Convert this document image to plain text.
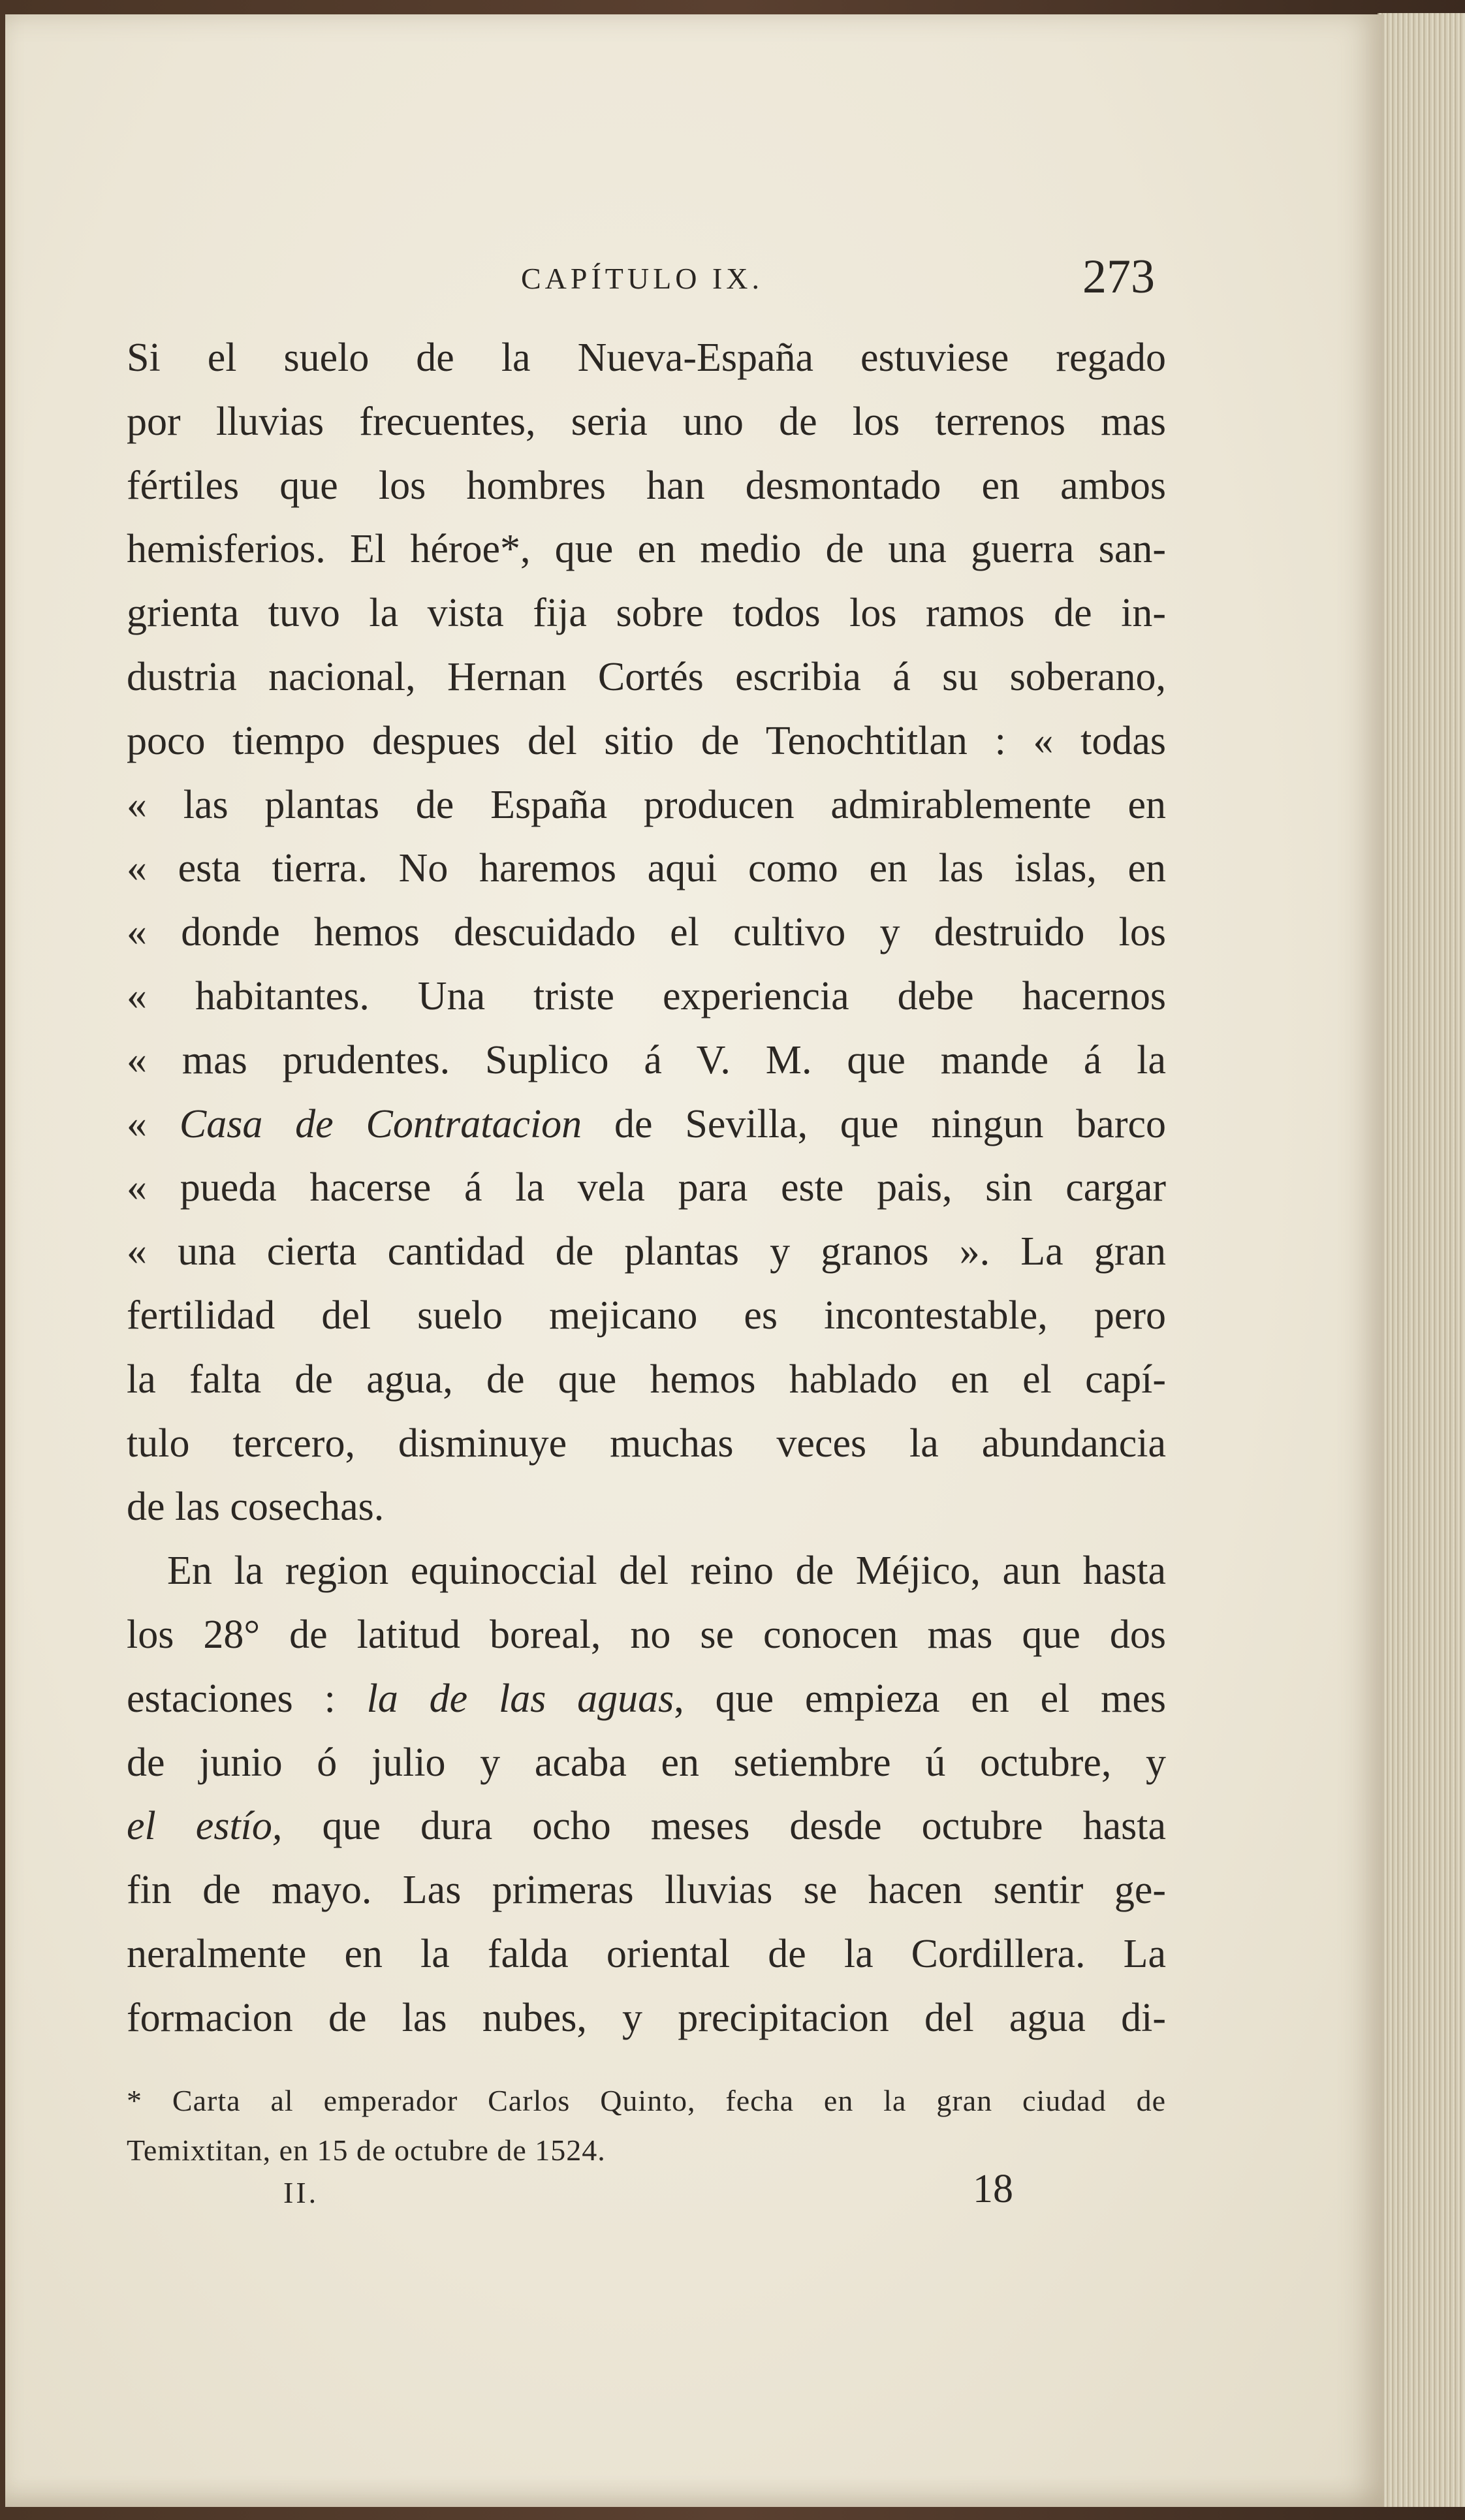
CAPÍTULO IX.	273
Si el suelo de la Nueva-España estuviese regado
por lluvias frecuentes, seria uno de los terrenos mas
fértiles que los hombres han desmontado en ambos
hemisferios. El héroe*, que en medio de una guerra san-
grienta tuvo la vista fija sobre todos los ramos de in-
dustria nacional, Hernan Cortés escribia á su soberano,
poco tiempo despues del sitio de Tenochtitlan : « todas
« las plantas de España producen admirablemente en
« esta tierra. No haremos aqui como en las islas, en
« donde hemos descuidado el cultivo y destruido los
« habitantes. Una triste experiencia debe hacernos
« mas prudentes. Suplico á V. M. que mande á la
« Casa de Contratacion de Sevilla, que ningun barco
« pueda hacerse á la vela para este pais, sin cargar
« una cierta cantidad de plantas y granos ». La gran
fertilidad del suelo mejicano es incontestable, pero
la falta de agua, de que hemos hablado en el capí-
tulo tercero, disminuye muchas veces la abundancia
de las cosechas.
En la region equinoccial del reino de Méjico, aun hasta
los 28° de latitud boreal, no se conocen mas que dos
estaciones : la de las aguas, que empieza en el mes
de junio ó julio y acaba en setiembre ú octubre, y
el estío, que dura ocho meses desde octubre hasta
fin de mayo. Las primeras lluvias se hacen sentir ge-
neralmente en la falda oriental de la Cordillera. La
formacion de las nubes, y precipitacion del agua di-
* Carta al emperador Carlos Quinto, fecha en la gran ciudad de
Temixtitan, en 15 de octubre de 1524.
II.	18
